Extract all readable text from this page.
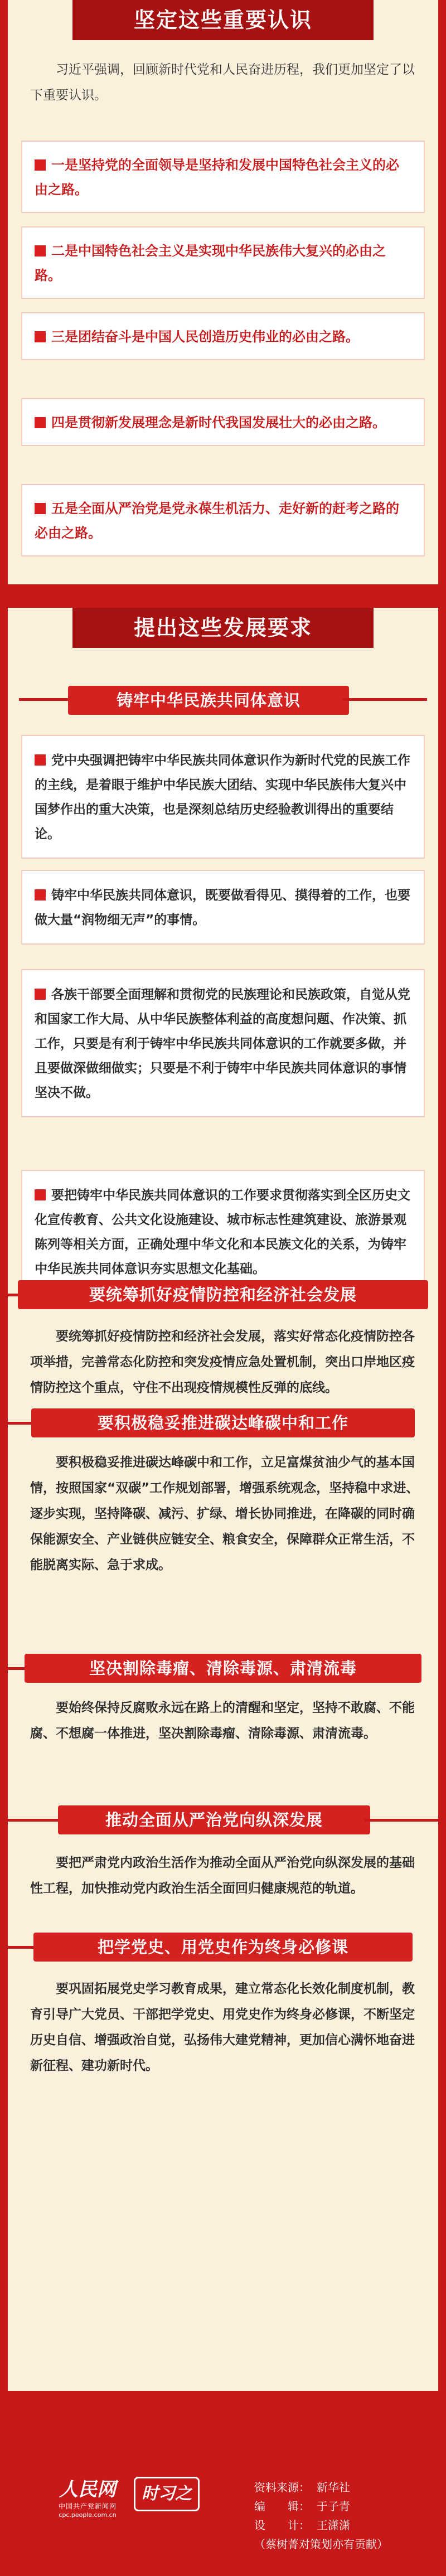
坚定这些重要认识
习近平强调，回顾新时代党和人民奋进历程，我们更加坚定了以下重要认识。
一是坚持党的全面领导是坚持和发展中国特色社会主义的必由之路。
二是中国特色社会主义是实现中华民族伟大复兴的必由之路。
三是团结奋斗是中国人民创造历史伟业的必由之路。
四是贯彻新发展理念是新时代我国发展壮大的必由之路。
五是全面从严治党是党永葆生机活力、走好新的赶考之路的必由之路。
提出这些发展要求
铸牢中华民族共同体意识
党中央强调把铸牢中华民族共同体意识作为新时代党的民族工作的主线，是着眼于维护中华民族大团结、实现中华民族伟大复兴中国梦作出的重大决策，也是深刻总结历史经验教训得出的重要结论。
铸牢中华民族共同体意识，既要做看得见、摸得着的工作，也要做大量“润物细无声”的事情。
各族干部要全面理解和贯彻党的民族理论和民族政策，自觉从党和国家工作大局、从中华民族整体利益的高度想问题、作决策、抓工作，只要是有利于铸牢中华民族共同体意识的工作就要多做，并且要做深做细做实；只要是不利于铸牢中华民族共同体意识的事情坚决不做。
要把铸牢中华民族共同体意识的工作要求贯彻落实到全区历史文化宣传教育、公共文化设施建设、城市标志性建筑建设、旅游景观陈列等相关方面，正确处理中华文化和本民族文化的关系，为铸牢中华民族共同体意识夯实思想文化基础。
要统筹抓好疫情防控和经济社会发展
要统筹抓好疫情防控和经济社会发展，落实好常态化疫情防控各项举措，完善常态化防控和突发疫情应急处置机制，突出口岸地区疫情防控这个重点，守住不出现疫情规模性反弹的底线。
要积极稳妥推进碳达峰碳中和工作
要积极稳妥推进碳达峰碳中和工作，立足富煤贫油少气的基本国情，按照国家“双碳”工作规划部署，增强系统观念，坚持稳中求进、逐步实现，坚持降碳、减污、扩绿、增长协同推进，在降碳的同时确保能源安全、产业链供应链安全、粮食安全，保障群众正常生活，不能脱离实际、急于求成。
坚决割除毒瘤、清除毒源、肃清流毒
要始终保持反腐败永远在路上的清醒和坚定，坚持不敢腐、不能腐、不想腐一体推进，坚决割除毒瘤、清除毒源、肃清流毒。
推动全面从严治党向纵深发展
要把严肃党内政治生活作为推动全面从严治党向纵深发展的基础性工程，加快推动党内政治生活全面回归健康规范的轨道。
把学党史、用党史作为终身必修课
要巩固拓展党史学习教育成果，建立常态化长效化制度机制，教育引导广大党员、干部把学党史、用党史作为终身必修课，不断坚定历史自信、增强政治自觉，弘扬伟大建党精神，更加信心满怀地奋进新征程、建功新时代。
人民网
中国共产党新闻网
cpc.people.com.cn
时习之	资料来源： 新华社
编　　辑： 于子青
设　　计： 王潇潇
（蔡树菁对策划亦有贡献）
